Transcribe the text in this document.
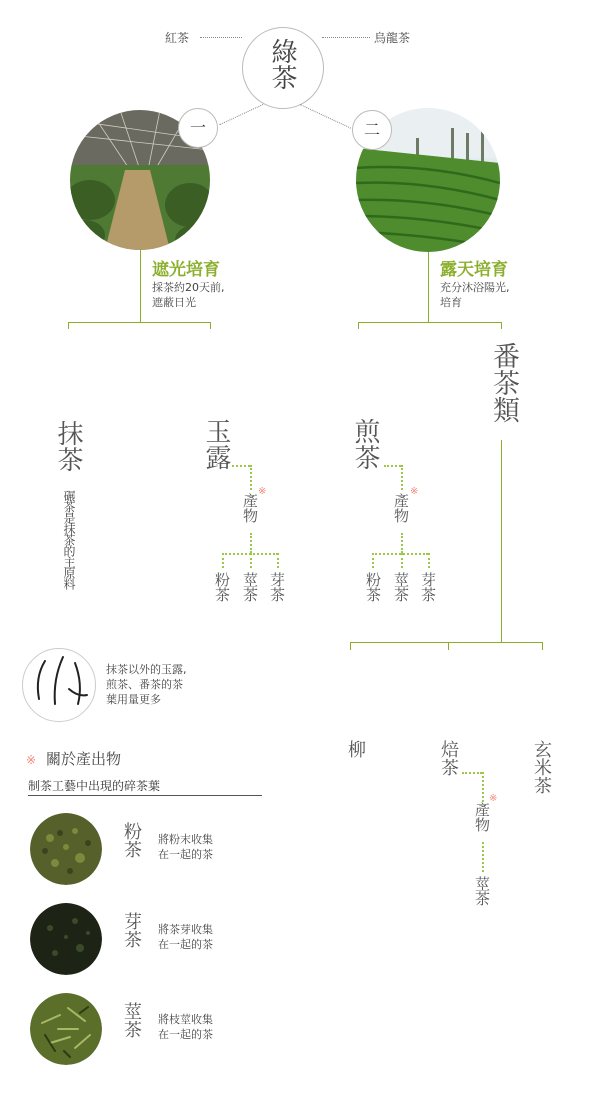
紅茶	綠茶	烏龍茶
一	二
遮光培育
採茶約20天前,
遮蔽日光
露天培育
充分沐浴陽光,
培育
抹茶
碾茶是抹茶的主原料
玉露
※
產物
粉茶 莖茶 芽茶
煎茶
※
產物
粉茶 莖茶 芽茶
番茶類
柳	焙茶
※
產物
莖茶
玄米茶
抹茶以外的玉露,
煎茶、番茶的茶
葉用量更多
※ 關於產出物
制茶工藝中出現的碎茶葉
粉茶 將粉末收集
在一起的茶
芽茶 將茶芽收集
在一起的茶
莖茶 將枝莖收集
在一起的茶
